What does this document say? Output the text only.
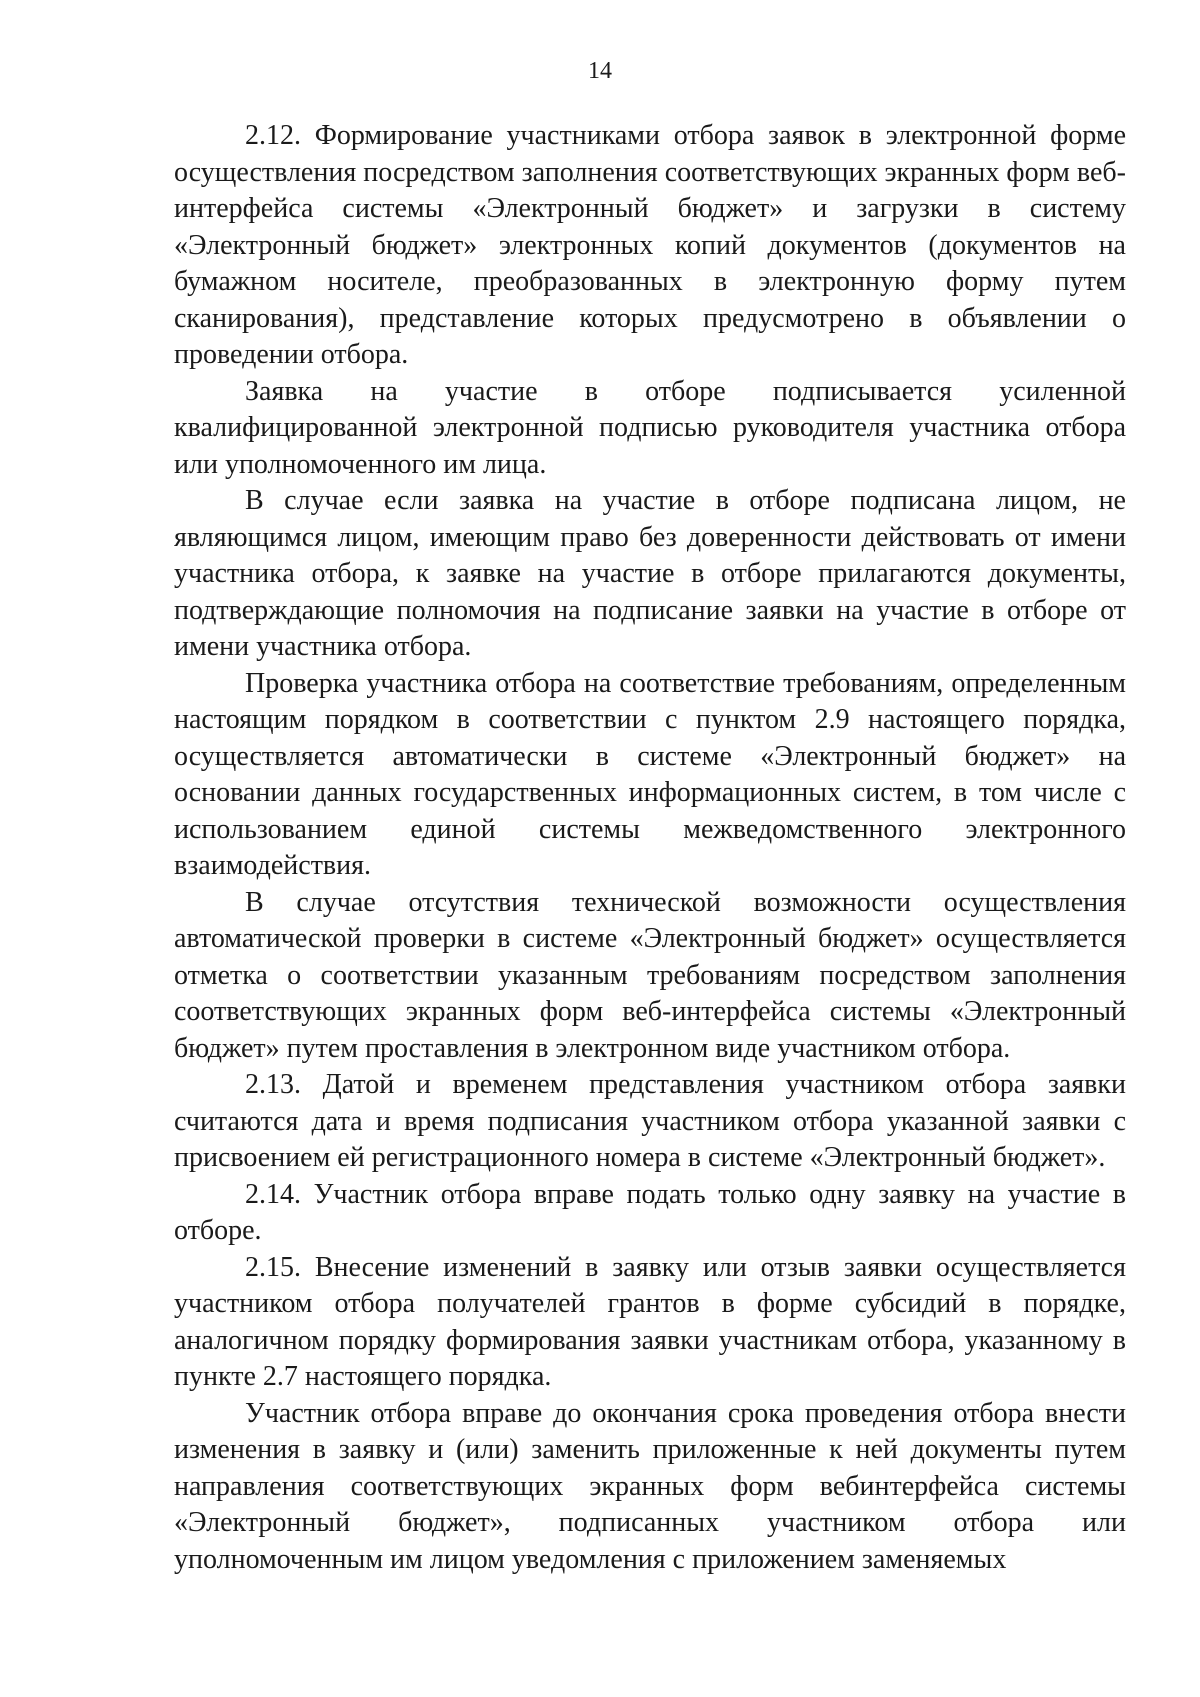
14

2.12. Формирование участниками отбора заявок в электронной форме осуществления посредством заполнения соответствующих экранных форм веб-интерфейса системы «Электронный бюджет» и загрузки в систему «Электронный бюджет» электронных копий документов (документов на бумажном носителе, преобразованных в электронную форму путем сканирования), представление которых предусмотрено в объявлении о проведении отбора.

Заявка на участие в отборе подписывается усиленной квалифицированной электронной подписью руководителя участника отбора или уполномоченного им лица.

В случае если заявка на участие в отборе подписана лицом, не являющимся лицом, имеющим право без доверенности действовать от имени участника отбора, к заявке на участие в отборе прилагаются документы, подтверждающие полномочия на подписание заявки на участие в отборе от имени участника отбора.

Проверка участника отбора на соответствие требованиям, определенным настоящим порядком в соответствии с пунктом 2.9 настоящего порядка, осуществляется автоматически в системе «Электронный бюджет» на основании данных государственных информационных систем, в том числе с использованием единой системы межведомственного электронного взаимодействия.

В случае отсутствия технической возможности осуществления автоматической проверки в системе «Электронный бюджет» осуществляется отметка о соответствии указанным требованиям посредством заполнения соответствующих экранных форм веб-интерфейса системы «Электронный бюджет» путем проставления в электронном виде участником отбора.

2.13. Датой и временем представления участником отбора заявки считаются дата и время подписания участником отбора указанной заявки с присвоением ей регистрационного номера в системе «Электронный бюджет».

2.14. Участник отбора вправе подать только одну заявку на участие в отборе.

2.15. Внесение изменений в заявку или отзыв заявки осуществляется участником отбора получателей грантов в форме субсидий в порядке, аналогичном порядку формирования заявки участникам отбора, указанному в пункте 2.7 настоящего порядка.

Участник отбора вправе до окончания срока проведения отбора внести изменения в заявку и (или) заменить приложенные к ней документы путем направления соответствующих экранных форм вебинтерфейса системы «Электронный бюджет», подписанных участником отбора или уполномоченным им лицом уведомления с приложением заменяемых
